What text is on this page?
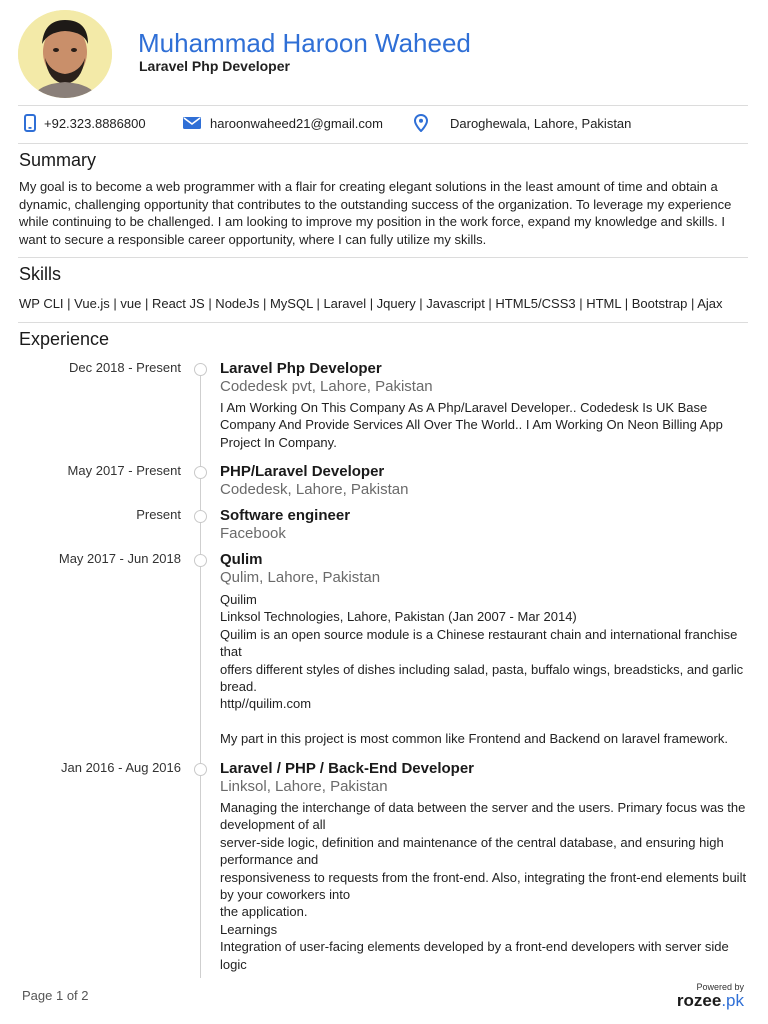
Muhammad Haroon Waheed
Laravel Php Developer
+92.323.8886800	haroonwaheed21@gmail.com	Daroghewala, Lahore, Pakistan
Summary
My goal is to become a web programmer with a flair for creating elegant solutions in the least amount of time and obtain a dynamic, challenging opportunity that contributes to the outstanding success of the organization. To leverage my experience while continuing to be challenged. I am looking to improve my position in the work force, expand my knowledge and skills. I want to secure a responsible career opportunity, where I can fully utilize my skills.
Skills
WP CLI | Vue.js | vue | React JS | NodeJs | MySQL | Laravel | Jquery | Javascript | HTML5/CSS3 | HTML | Bootstrap | Ajax
Experience
Dec 2018 - Present	Laravel Php Developer
Codedesk pvt, Lahore, Pakistan
I Am Working On This Company As A Php/Laravel Developer.. Codedesk Is UK Base Company And Provide Services All Over The World.. I Am Working On Neon Billing App Project In Company.
May 2017 - Present	PHP/Laravel Developer
Codedesk, Lahore, Pakistan
Present	Software engineer
Facebook
May 2017 - Jun 2018	Qulim
Qulim, Lahore, Pakistan
Quilim
Linksol Technologies, Lahore, Pakistan (Jan 2007 - Mar 2014)
Quilim is an open source module is a Chinese restaurant chain and international franchise that
offers different styles of dishes including salad, pasta, buffalo wings, breadsticks, and garlic bread.
http//quilim.com
My part in this project is most common like Frontend and Backend on laravel framework.
Jan 2016 - Aug 2016	Laravel / PHP / Back-End Developer
Linksol, Lahore, Pakistan
Managing the interchange of data between the server and the users. Primary focus was the development of all
server-side logic, definition and maintenance of the central database, and ensuring high performance and
responsiveness to requests from the front-end. Also, integrating the front-end elements built by your coworkers into
the application.
Learnings
Integration of user-facing elements developed by a front-end developers with server side logic
Page 1 of 2
Powered by
rozee.pk
